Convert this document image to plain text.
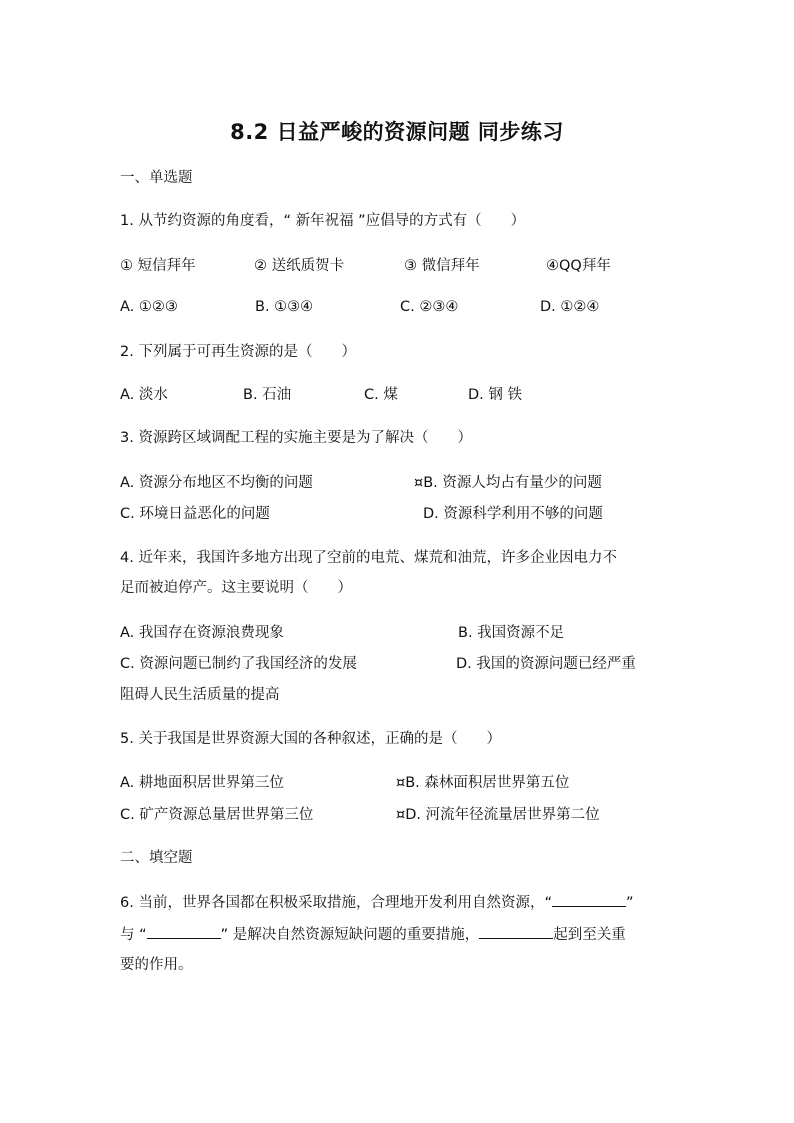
8.2 日益严峻的资源问题 同步练习
一、单选题
1. 从节约资源的角度看，“ 新年祝福 ”应倡导的方式有（　　）
① 短信拜年	② 送纸质贺卡	③ 微信拜年	④QQ拜年
A. ①②③	B. ①③④	C. ②③④	D. ①②④
2. 下列属于可再生资源的是（　　）
A. 淡水	B. 石油	C. 煤	D. 钢 铁
3. 资源跨区域调配工程的实施主要是为了解决（　　）
A. 资源分布地区不均衡的问题	¤B. 资源人均占有量少的问题
C. 环境日益恶化的问题	D. 资源科学利用不够的问题
4. 近年来，我国许多地方出现了空前的电荒、煤荒和油荒，许多企业因电力不
足而被迫停产。这主要说明（　　）
A. 我国存在资源浪费现象	B. 我国资源不足
C. 资源问题已制约了我国经济的发展	D. 我国的资源问题已经严重
阻碍人民生活质量的提高
5. 关于我国是世界资源大国的各种叙述，正确的是（　　）
A. 耕地面积居世界第三位	¤B. 森林面积居世界第五位
C. 矿产资源总量居世界第三位	¤D. 河流年径流量居世界第二位
二、填空题
6. 当前，世界各国都在积极采取措施，合理地开发利用自然资源，“	”
与 “	” 是解决自然资源短缺问题的重要措施，	起到至关重
要的作用。
